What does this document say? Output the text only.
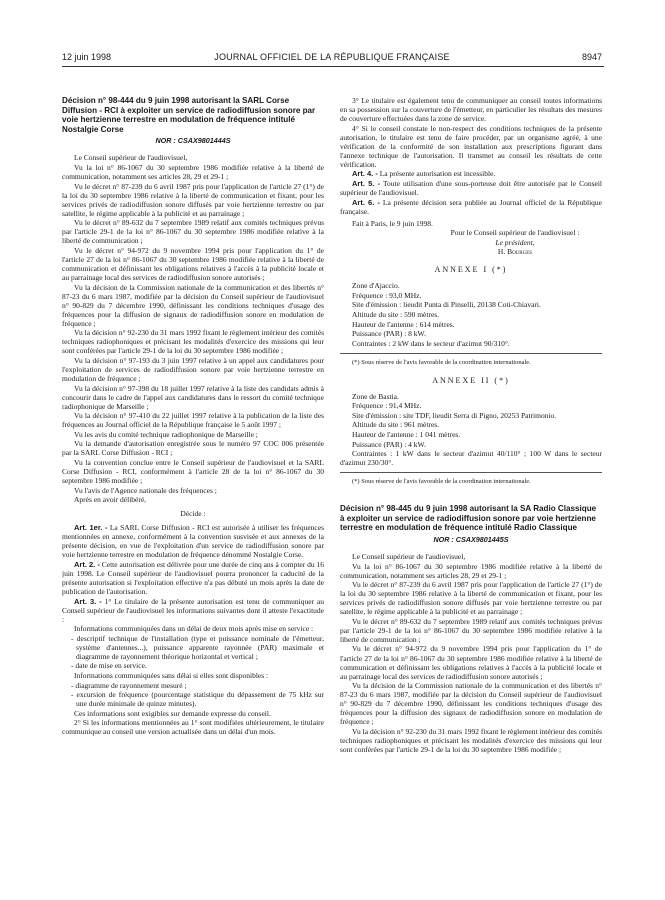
12 juin 1998	JOURNAL OFFICIEL DE LA RÉPUBLIQUE FRANÇAISE	8947

Décision n° 98-444 du 9 juin 1998 autorisant la SARL Corse Diffusion - RCI à exploiter un service de radiodiffusion sonore par voie hertzienne terrestre en modulation de fréquence intitulé Nostalgie Corse

NOR : CSAX9801444S

Le Conseil supérieur de l'audiovisuel,

Vu la loi n° 86-1067 du 30 septembre 1986 modifiée relative à la liberté de communication, notamment ses articles 28, 29 et 29-1 ;

Vu le décret n° 87-239 du 6 avril 1987 pris pour l'application de l'article 27 (1°) de la loi du 30 septembre 1986 relative à la liberté de communication et fixant, pour les services privés de radiodiffusion sonore diffusés par voie hertzienne terrestre ou par satellite, le régime applicable à la publicité et au parrainage ;

Vu le décret n° 89-632 du 7 septembre 1989 relatif aux comités techniques prévus par l'article 29-1 de la loi n° 86-1067 du 30 septembre 1986 modifiée relative à la liberté de communication ;

Vu le décret n° 94-972 du 9 novembre 1994 pris pour l'application du 1° de l'article 27 de la loi n° 86-1067 du 30 septembre 1986 modifiée relative à la liberté de communication et définissant les obligations relatives à l'accès à la publicité locale et au parrainage local des services de radiodiffusion sonore autorisés ;

Vu la décision de la Commission nationale de la communication et des libertés n° 87-23 du 6 mars 1987, modifiée par la décision du Conseil supérieur de l'audiovisuel n° 90-829 du 7 décembre 1990, définissant les conditions techniques d'usage des fréquences pour la diffusion de signaux de radiodiffusion sonore en modulation de fréquence ;

Vu la décision n° 92-230 du 31 mars 1992 fixant le règlement intérieur des comités techniques radiophoniques et précisant les modalités d'exercice des missions qui leur sont conférées par l'article 29-1 de la loi du 30 septembre 1986 modifiée ;

Vu la décision n° 97-193 du 3 juin 1997 relative à un appel aux candidatures pour l'exploitation de services de radiodiffusion sonore par voie hertzienne terrestre en modulation de fréquence ;

Vu la décision n° 97-398 du 18 juillet 1997 relative à la liste des candidats admis à concourir dans le cadre de l'appel aux candidatures dans le ressort du comité technique radiophonique de Marseille ;

Vu la décision n° 97-410 du 22 juillet 1997 relative à la publication de la liste des fréquences au Journal officiel de la République française le 5 août 1997 ;

Vu les avis du comité technique radiophonique de Marseille ;

Vu la demande d'autorisation enregistrée sous le numéro 97 COC 006 présentée par la SARL Corse Diffusion - RCI ;

Vu la convention conclue entre le Conseil supérieur de l'audiovisuel et la SARL Corse Diffusion - RCI, conformément à l'article 28 de la loi n° 86-1067 du 30 septembre 1986 modifiée ;

Vu l'avis de l'Agence nationale des fréquences ;

Après en avoir délibéré,

Décide :

Art. 1er. - La SARL Corse Diffusion - RCI est autorisée à utiliser les fréquences mentionnées en annexe, conformément à la convention susvisée et aux annexes de la présente décision, en vue de l'exploitation d'un service de radiodiffusion sonore par voie hertzienne terrestre en modulation de fréquence dénommé Nostalgie Corse.

Art. 2. - Cette autorisation est délivrée pour une durée de cinq ans à compter du 16 juin 1998. Le Conseil supérieur de l'audiovisuel pourra prononcer la caducité de la présente autorisation si l'exploitation effective n'a pas débuté un mois après la date de publication de l'autorisation.

Art. 3. - 1° Le titulaire de la présente autorisation est tenu de communiquer au Conseil supérieur de l'audiovisuel les informations suivantes dont il atteste l'exactitude :

Informations communiquées dans un délai de deux mois après mise en service :

- descriptif technique de l'installation (type et puissance nominale de l'émetteur, système d'antennes...), puissance apparente rayonnée (PAR) maximale et diagramme de rayonnement théorique horizontal et vertical ;

- date de mise en service.

Informations communiquées sans délai si elles sont disponibles :

- diagramme de rayonnement mesuré ;

- excursion de fréquence (pourcentage statistique du dépassement de 75 kHz sur une durée minimale de quinze minutes).

Ces informations sont exigibles sur demande expresse du conseil.

2° Si les informations mentionnées au 1° sont modifiées ultérieurement, le titulaire communique au conseil une version actualisée dans un délai d'un mois.

3° Le titulaire est également tenu de communiquer au conseil toutes informations en sa possession sur la couverture de l'émetteur, en particulier les résultats des mesures de couverture effectuées dans la zone de service.

4° Si le conseil constate le non-respect des conditions techniques de la présente autorisation, le titulaire est tenu de faire procéder, par un organisme agréé, à une vérification de la conformité de son installation aux prescriptions figurant dans l'annexe technique de l'autorisation. Il transmet au conseil les résultats de cette vérification.

Art. 4. - La présente autorisation est incessible.

Art. 5. - Toute utilisation d'une sous-porteuse doit être autorisée par le Conseil supérieur de l'audiovisuel.

Art. 6. - La présente décision sera publiée au Journal officiel de la République française.

Fait à Paris, le 9 juin 1998.

Pour le Conseil supérieur de l'audiovisuel :

Le président,

H. Bourges

ANNEXE I (*)

Zone d'Ajaccio.

Fréquence : 93,0 MHz.

Site d'émission : lieudit Punta di Pinselli, 20138 Coti-Chiavari.

Altitude du site : 590 mètres.

Hauteur de l'antenne : 614 mètres.

Puissance (PAR) : 8 kW.

Contraintes : 2 kW dans le secteur d'azimut 90/310°.

(*) Sous réserve de l'avis favorable de la coordination internationale.

ANNEXE II (*)

Zone de Bastia.

Fréquence : 91,4 MHz.

Site d'émission : site TDF, lieudit Serra di Pigno, 20253 Patrimonio.

Altitude du site : 961 mètres.

Hauteur de l'antenne : 1 041 mètres.

Puissance (PAR) : 4 kW.

Contraintes : 1 kW dans le secteur d'azimut 40/110° ; 100 W dans le secteur d'azimut 230/30°.

(*) Sous réserve de l'avis favorable de la coordination internationale.

Décision n° 98-445 du 9 juin 1998 autorisant la SA Radio Classique à exploiter un service de radiodiffusion sonore par voie hertzienne terrestre en modulation de fréquence intitulé Radio Classique

NOR : CSAX9801445S

Le Conseil supérieur de l'audiovisuel,

Vu la loi n° 86-1067 du 30 septembre 1986 modifiée relative à la liberté de communication, notamment ses articles 28, 29 et 29-1 ;

Vu le décret n° 87-239 du 6 avril 1987 pris pour l'application de l'article 27 (1°) de la loi du 30 septembre 1986 relative à la liberté de communication et fixant, pour les services privés de radiodiffusion sonore diffusés par voie hertzienne terrestre ou par satellite, le régime applicable à la publicité et au parrainage ;

Vu le décret n° 89-632 du 7 septembre 1989 relatif aux comités techniques prévus par l'article 29-1 de la loi n° 86-1067 du 30 septembre 1986 modifiée relative à la liberté de communication ;

Vu le décret n° 94-972 du 9 novembre 1994 pris pour l'application du 1° de l'article 27 de la loi n° 86-1067 du 30 septembre 1986 modifiée relative à la liberté de communication et définissant les obligations relatives à l'accès à la publicité locale et au parrainage local des services de radiodiffusion sonore autorisés ;

Vu la décision de la Commission nationale de la communication et des libertés n° 87-23 du 6 mars 1987, modifiée par la décision du Conseil supérieur de l'audiovisuel n° 90-829 du 7 décembre 1990, définissant les conditions techniques d'usage des fréquences pour la diffusion des signaux de radiodiffusion sonore en modulation de fréquence ;

Vu la décision n° 92-230 du 31 mars 1992 fixant le règlement intérieur des comités techniques radiophoniques et précisant les modalités d'exercice des missions qui leur sont conférées par l'article 29-1 de la loi du 30 septembre 1986 modifiée ;
